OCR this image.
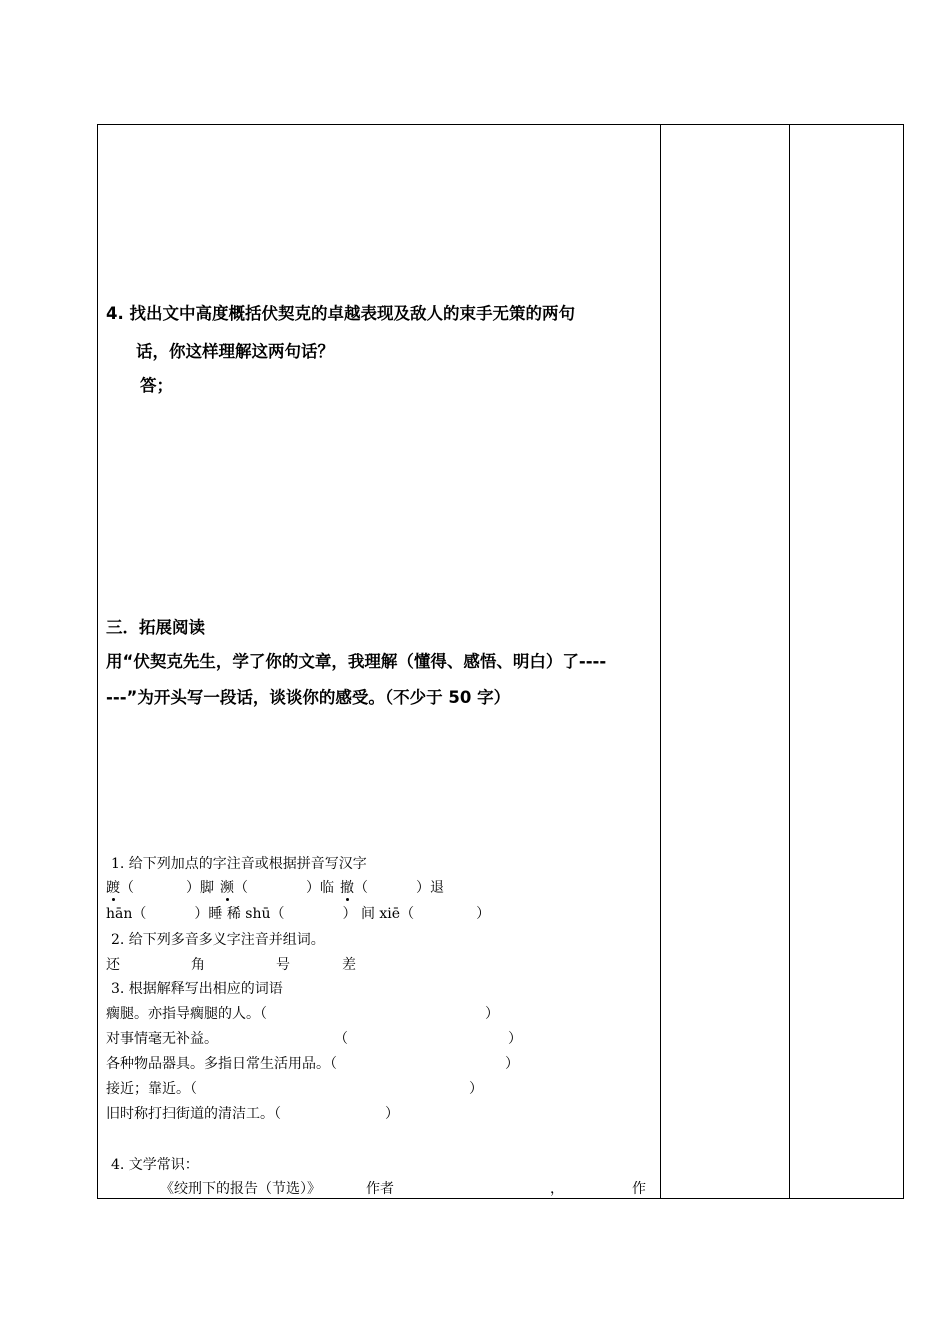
4. 找出文中高度概括伏契克的卓越表现及敌人的束手无策的两句
话，你这样理解这两句话？
答；
三．拓展阅读
用“伏契克先生，学了你的文章，我理解（懂得、感悟、明白）了----
---”为开头写一段话，谈谈你的感受。（不少于 50 字）
1. 给下列加点的字注音或根据拼音写汉字
踱（	）脚 濒（	）临 撤（	）退
hān（	）睡 稀 shū（	） 间 xiē（	）
2. 给下列多音多义字注音并组词。
还	角	号	差
3. 根据解释写出相应的词语
瘸腿。亦指导瘸腿的人。（	）
对事情毫无补益。	（	）
各种物品器具。多指日常生活用品。（	）
接近；靠近。（	）
旧时称打扫街道的清洁工。（	）
4. 文学常识：
《绞刑下的报告（节选）》	作者	，	作
